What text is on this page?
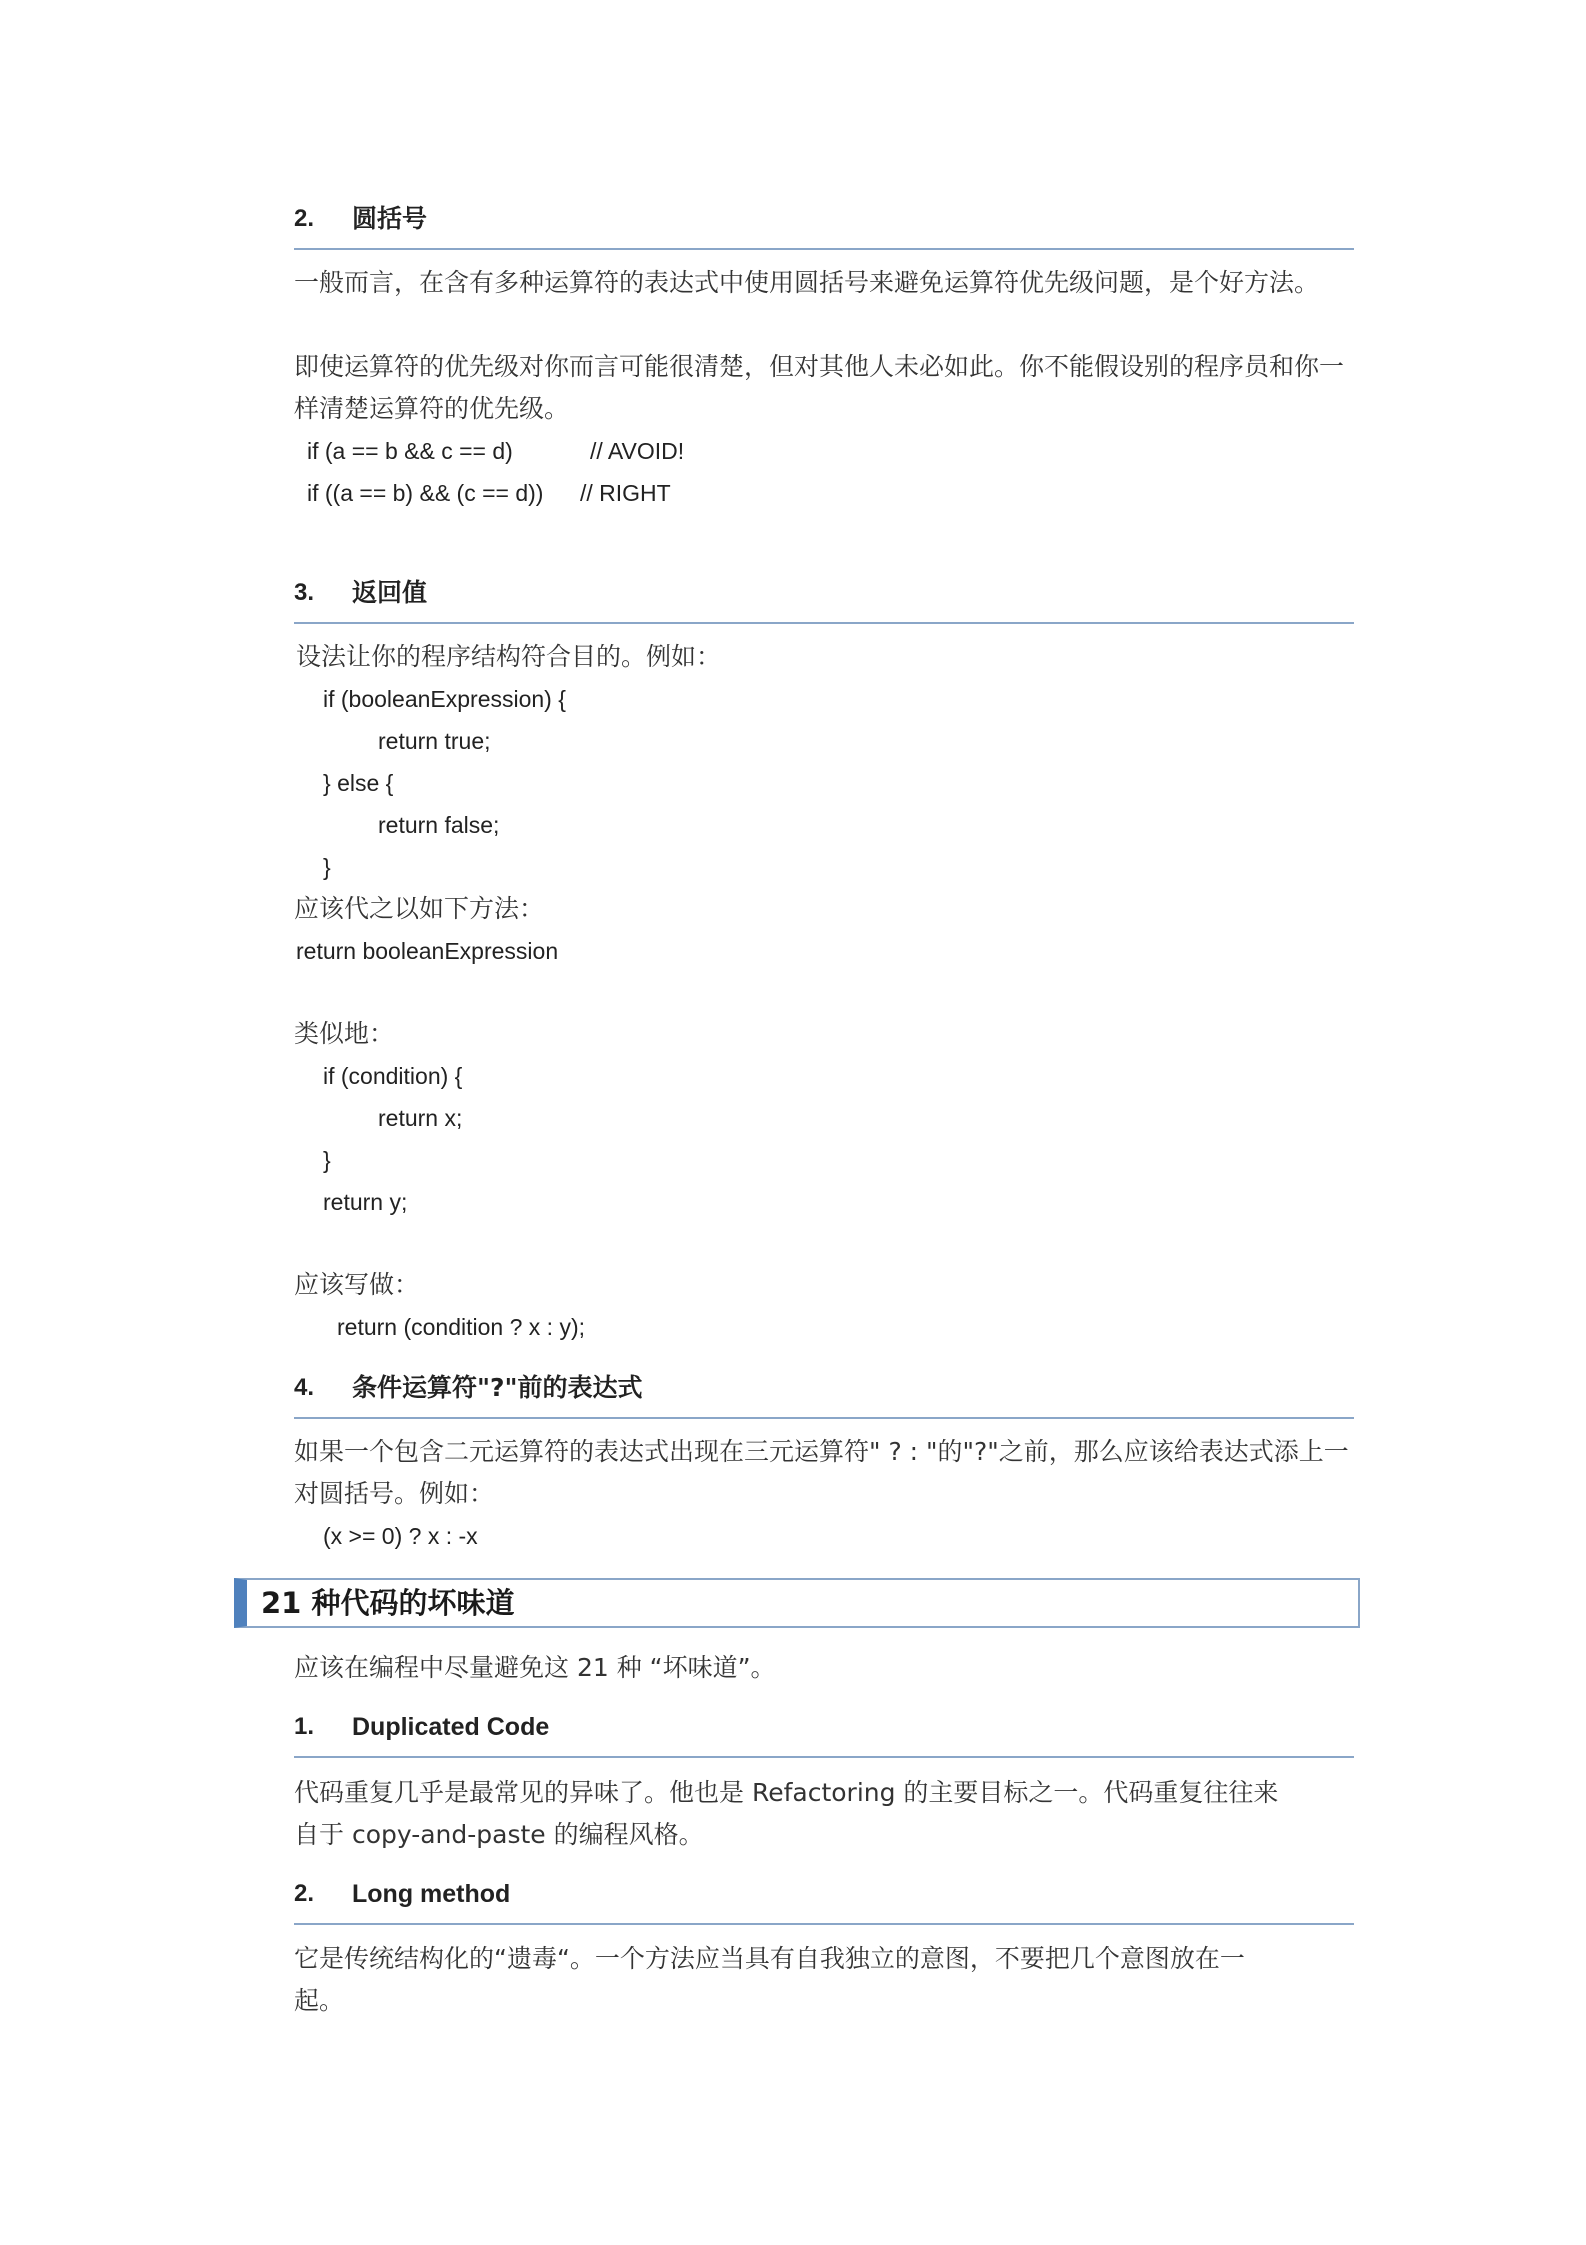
2. 圆括号

一般而言，在含有多种运算符的表达式中使用圆括号来避免运算符优先级问题，是个好方法。

即使运算符的优先级对你而言可能很清楚，但对其他人未必如此。你不能假设别的程序员和你一样清楚运算符的优先级。

if (a == b && c == d)	// AVOID!
if ((a == b) && (c == d)) // RIGHT
3. 返回值

设法让你的程序结构符合目的。例如：

if (booleanExpression) {
return true;
} else {
return false;
}

应该代之以如下方法：

return booleanExpression

类似地：

if (condition) {
return x;
}
return y;

应该写做：

return (condition ? x : y);
4. 条件运算符"?"前的表达式

如果一个包含二元运算符的表达式出现在三元运算符" ? : "的"?"之前，那么应该给表达式添上一对圆括号。例如：

(x >= 0) ? x : -x
21 种代码的坏味道

应该在编程中尽量避免这 21 种 “坏味道”。

1. Duplicated Code

代码重复几乎是最常见的异味了。他也是 Refactoring 的主要目标之一。代码重复往往来自于 copy-and-paste 的编程风格。

2. Long method

它是传统结构化的“遗毒“。一个方法应当具有自我独立的意图，不要把几个意图放在一起。
